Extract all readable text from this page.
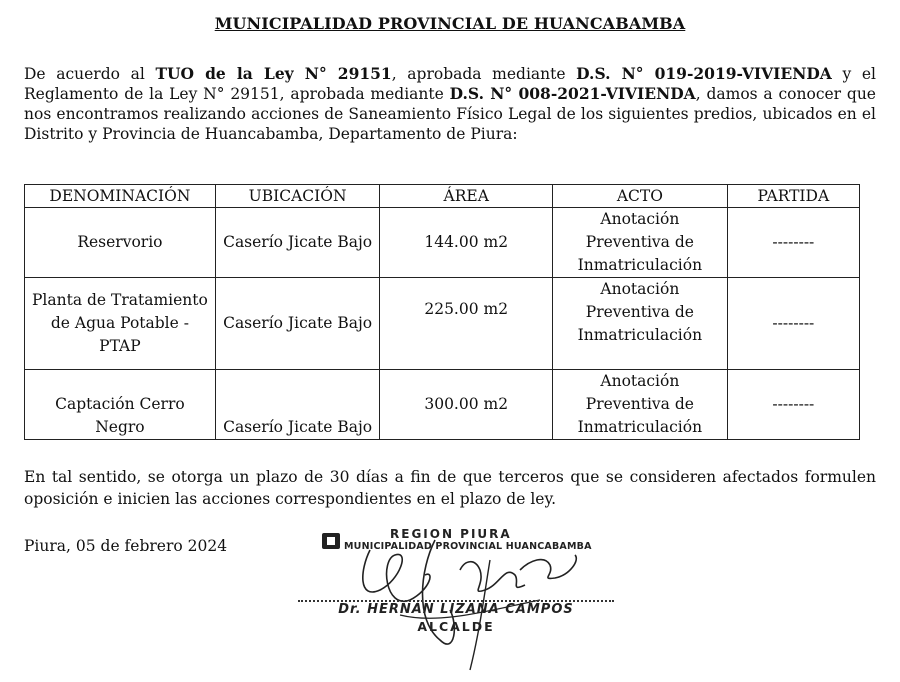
MUNICIPALIDAD PROVINCIAL DE HUANCABAMBA
De acuerdo al TUO de la Ley N° 29151, aprobada mediante D.S. N° 019-2019-VIVIENDA y el Reglamento de la Ley N° 29151, aprobada mediante D.S. N° 008-2021-VIVIENDA, damos a conocer que nos encontramos realizando acciones de Saneamiento Físico Legal de los siguientes predios, ubicados en el Distrito y Provincia de Huancabamba, Departamento de Piura:
DENOMINACIÓN	UBICACIÓN	ÁREA	ACTO	PARTIDA
Reservorio	Caserío Jicate Bajo	144.00 m2	Anotación Preventiva de Inmatriculación	--------
Planta de Tratamiento de Agua Potable - PTAP	Caserío Jicate Bajo	225.00 m2	Anotación Preventiva de Inmatriculación	--------
Captación Cerro Negro	Caserío Jicate Bajo	300.00 m2	Anotación Preventiva de Inmatriculación	--------
En tal sentido, se otorga un plazo de 30 días a fin de que terceros que se consideren afectados formulen oposición e inicien las acciones correspondientes en el plazo de ley.
Piura, 05 de febrero 2024
REGION PIURA
MUNICIPALIDAD PROVINCIAL HUANCABAMBA
Dr. HERNÁN LIZANA CAMPOS
ALCALDE
